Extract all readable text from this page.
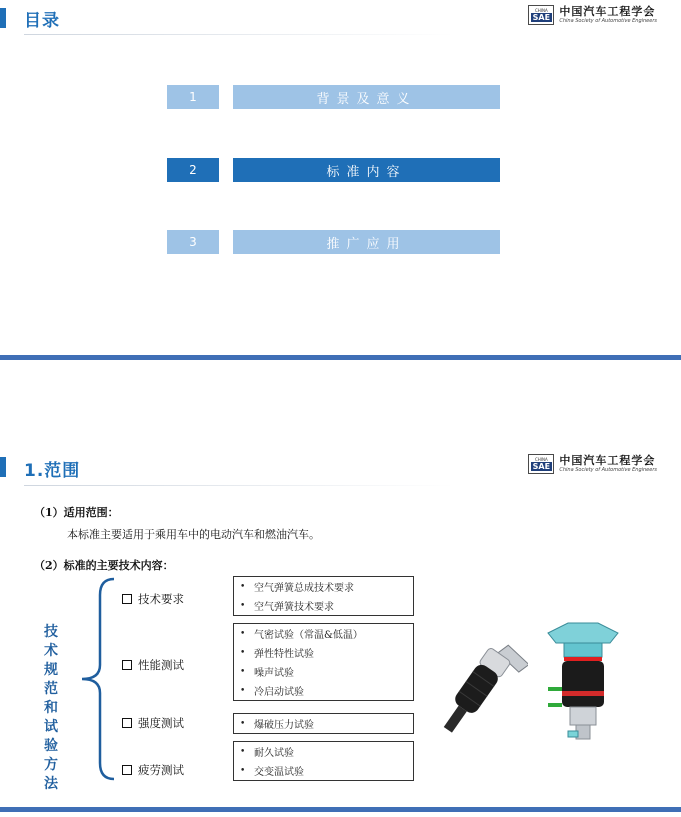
目录
CHINA
SAE 中国汽车工程学会
China Society of Automotive Engineers
1	背景及意义
2	标准内容
3	推广应用
1.范围
CHINA
SAE 中国汽车工程学会
China Society of Automotive Engineers
（1）适用范围：
本标准主要适用于乘用车中的电动汽车和燃油汽车。
（2）标准的主要技术内容：
技术规范和试验方法
技术要求
性能测试
强度测试
疲劳测试
• 空气弹簧总成技术要求
• 空气弹簧技术要求
• 气密试验（常温&低温）
• 弹性特性试验
• 噪声试验
• 冷启动试验
• 爆破压力试验
• 耐久试验
• 交变温试验
